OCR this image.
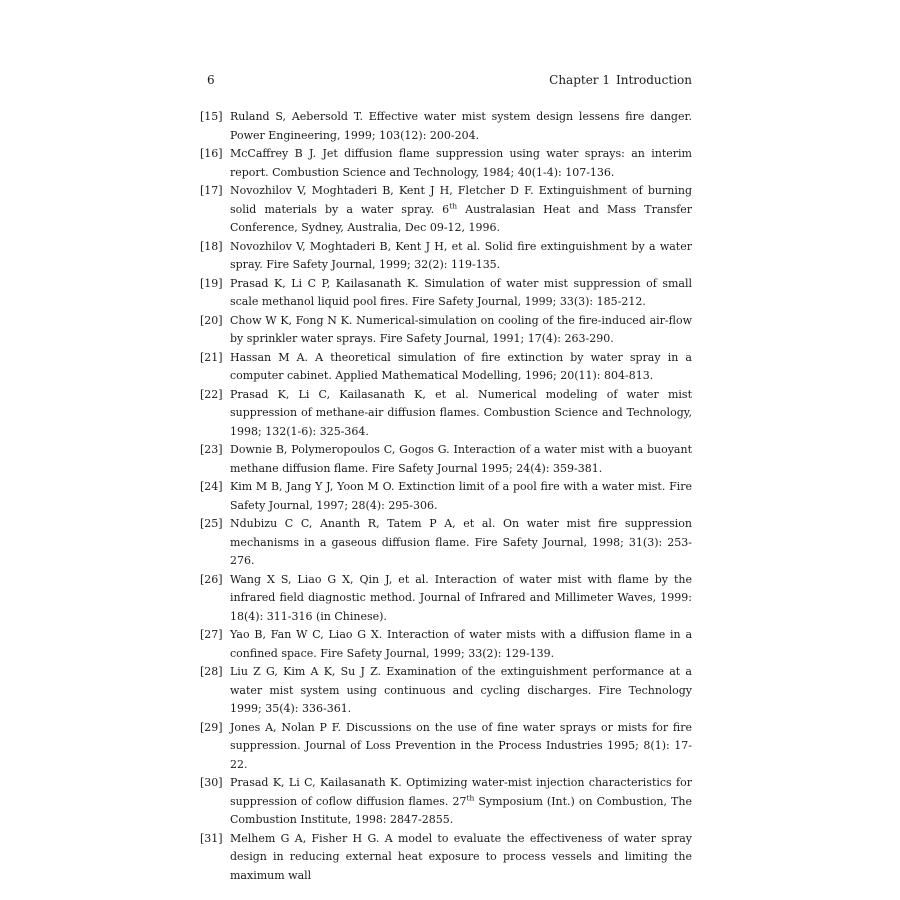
6	Chapter 1 Introduction
[15] Ruland S, Aebersold T. Effective water mist system design lessens fire danger. Power Engineering, 1999; 103(12): 200-204.
[16] McCaffrey B J. Jet diffusion flame suppression using water sprays: an interim report. Combustion Science and Technology, 1984; 40(1-4): 107-136.
[17] Novozhilov V, Moghtaderi B, Kent J H, Fletcher D F. Extinguishment of burning solid materials by a water spray. 6th Australasian Heat and Mass Transfer Conference, Sydney, Australia, Dec 09-12, 1996.
[18] Novozhilov V, Moghtaderi B, Kent J H, et al. Solid fire extinguishment by a water spray. Fire Safety Journal, 1999; 32(2): 119-135.
[19] Prasad K, Li C P, Kailasanath K. Simulation of water mist suppression of small scale methanol liquid pool fires. Fire Safety Journal, 1999; 33(3): 185-212.
[20] Chow W K, Fong N K. Numerical-simulation on cooling of the fire-induced air-flow by sprinkler water sprays. Fire Safety Journal, 1991; 17(4): 263-290.
[21] Hassan M A. A theoretical simulation of fire extinction by water spray in a computer cabinet. Applied Mathematical Modelling, 1996; 20(11): 804-813.
[22] Prasad K, Li C, Kailasanath K, et al. Numerical modeling of water mist suppression of methane-air diffusion flames. Combustion Science and Technology, 1998; 132(1-6): 325-364.
[23] Downie B, Polymeropoulos C, Gogos G. Interaction of a water mist with a buoyant methane diffusion flame. Fire Safety Journal 1995; 24(4): 359-381.
[24] Kim M B, Jang Y J, Yoon M O. Extinction limit of a pool fire with a water mist. Fire Safety Journal, 1997; 28(4): 295-306.
[25] Ndubizu C C, Ananth R, Tatem P A, et al. On water mist fire suppression mechanisms in a gaseous diffusion flame. Fire Safety Journal, 1998; 31(3): 253-276.
[26] Wang X S, Liao G X, Qin J, et al. Interaction of water mist with flame by the infrared field diagnostic method. Journal of Infrared and Millimeter Waves, 1999: 18(4): 311-316 (in Chinese).
[27] Yao B, Fan W C, Liao G X. Interaction of water mists with a diffusion flame in a confined space. Fire Safety Journal, 1999; 33(2): 129-139.
[28] Liu Z G, Kim A K, Su J Z. Examination of the extinguishment performance at a water mist system using continuous and cycling discharges. Fire Technology 1999; 35(4): 336-361.
[29] Jones A, Nolan P F. Discussions on the use of fine water sprays or mists for fire suppression. Journal of Loss Prevention in the Process Industries 1995; 8(1): 17-22.
[30] Prasad K, Li C, Kailasanath K. Optimizing water-mist injection characteristics for suppression of coflow diffusion flames. 27th Symposium (Int.) on Combustion, The Combustion Institute, 1998: 2847-2855.
[31] Melhem G A, Fisher H G. A model to evaluate the effectiveness of water spray design in reducing external heat exposure to process vessels and limiting the maximum wall
